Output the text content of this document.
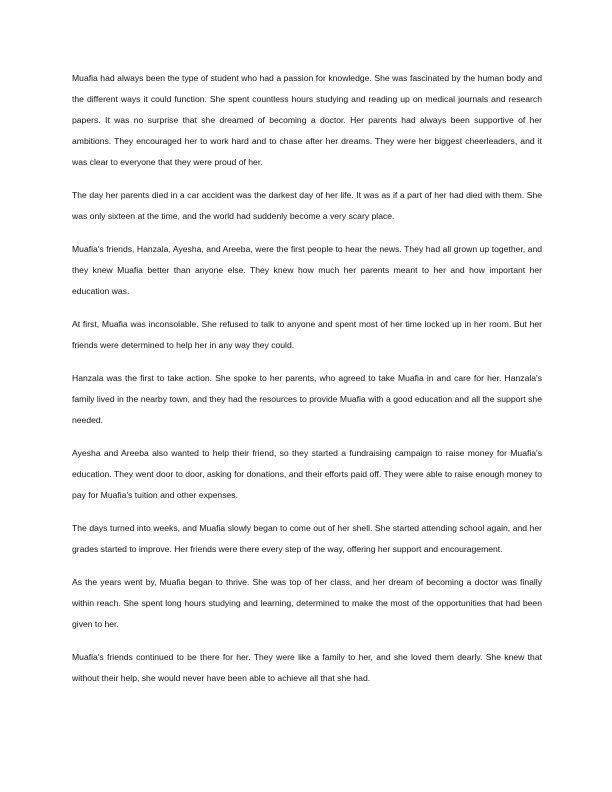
Muafia had always been the type of student who had a passion for knowledge. She was fascinated by the human body and the different ways it could function. She spent countless hours studying and reading up on medical journals and research papers. It was no surprise that she dreamed of becoming a doctor. Her parents had always been supportive of her ambitions. They encouraged her to work hard and to chase after her dreams. They were her biggest cheerleaders, and it was clear to everyone that they were proud of her.

The day her parents died in a car accident was the darkest day of her life. It was as if a part of her had died with them. She was only sixteen at the time, and the world had suddenly become a very scary place.

Muafia's friends, Hanzala, Ayesha, and Areeba, were the first people to hear the news. They had all grown up together, and they knew Muafia better than anyone else. They knew how much her parents meant to her and how important her education was.

At first, Muafia was inconsolable. She refused to talk to anyone and spent most of her time locked up in her room. But her friends were determined to help her in any way they could.

Hanzala was the first to take action. She spoke to her parents, who agreed to take Muafia in and care for her. Hanzala's family lived in the nearby town, and they had the resources to provide Muafia with a good education and all the support she needed.

Ayesha and Areeba also wanted to help their friend, so they started a fundraising campaign to raise money for Muafia's education. They went door to door, asking for donations, and their efforts paid off. They were able to raise enough money to pay for Muafia's tuition and other expenses.

The days turned into weeks, and Muafia slowly began to come out of her shell. She started attending school again, and her grades started to improve. Her friends were there every step of the way, offering her support and encouragement.

As the years went by, Muafia began to thrive. She was top of her class, and her dream of becoming a doctor was finally within reach. She spent long hours studying and learning, determined to make the most of the opportunities that had been given to her.

Muafia's friends continued to be there for her. They were like a family to her, and she loved them dearly. She knew that without their help, she would never have been able to achieve all that she had.
